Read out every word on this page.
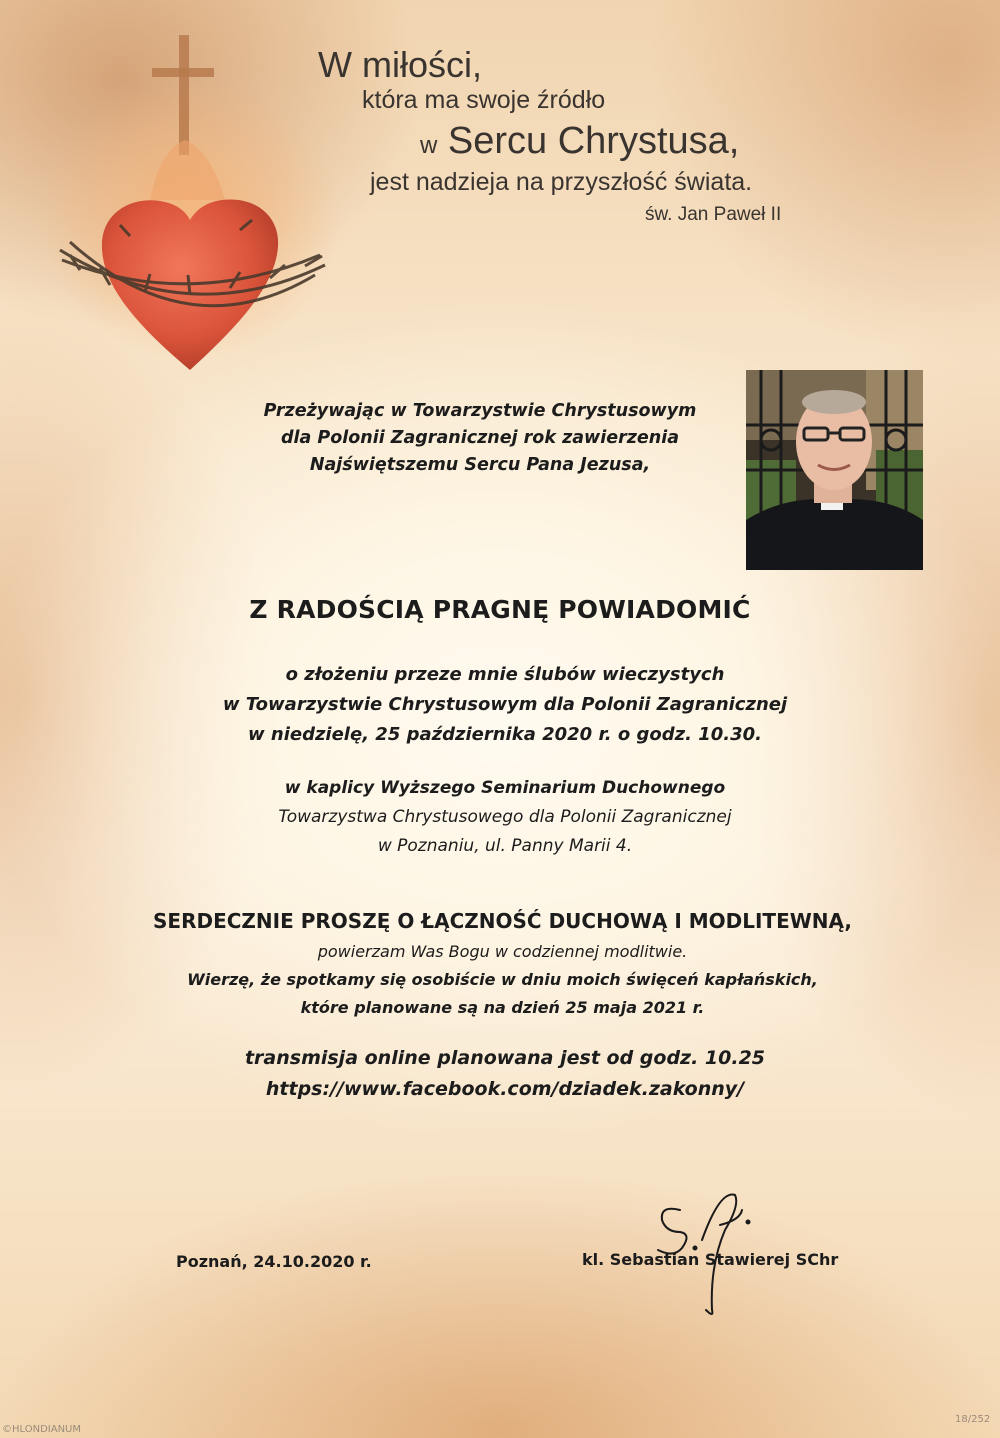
W miłości,
która ma swoje źródło
w Sercu Chrystusa,
jest nadzieja na przyszłość świata.
św. Jan Paweł II
Przeżywając w Towarzystwie Chrystusowym
dla Polonii Zagranicznej rok zawierzenia
Najświętszemu Sercu Pana Jezusa,
Z RADOŚCIĄ PRAGNĘ POWIADOMIĆ
o złożeniu przeze mnie ślubów wieczystych
w Towarzystwie Chrystusowym dla Polonii Zagranicznej
w niedzielę, 25 października 2020 r. o godz. 10.30.
w kaplicy Wyższego Seminarium Duchownego
Towarzystwa Chrystusowego dla Polonii Zagranicznej
w Poznaniu, ul. Panny Marii 4.
SERDECZNIE PROSZĘ O ŁĄCZNOŚĆ DUCHOWĄ I MODLITEWNĄ,
powierzam Was Bogu w codziennej modlitwie.
Wierzę, że spotkamy się osobiście w dniu moich święceń kapłańskich,
które planowane są na dzień 25 maja 2021 r.
transmisja online planowana jest od godz. 10.25
https://www.facebook.com/dziadek.zakonny/
Poznań, 24.10.2020 r.	kl. Sebastian Stawierej SChr
©HLONDIANUM
18/252
